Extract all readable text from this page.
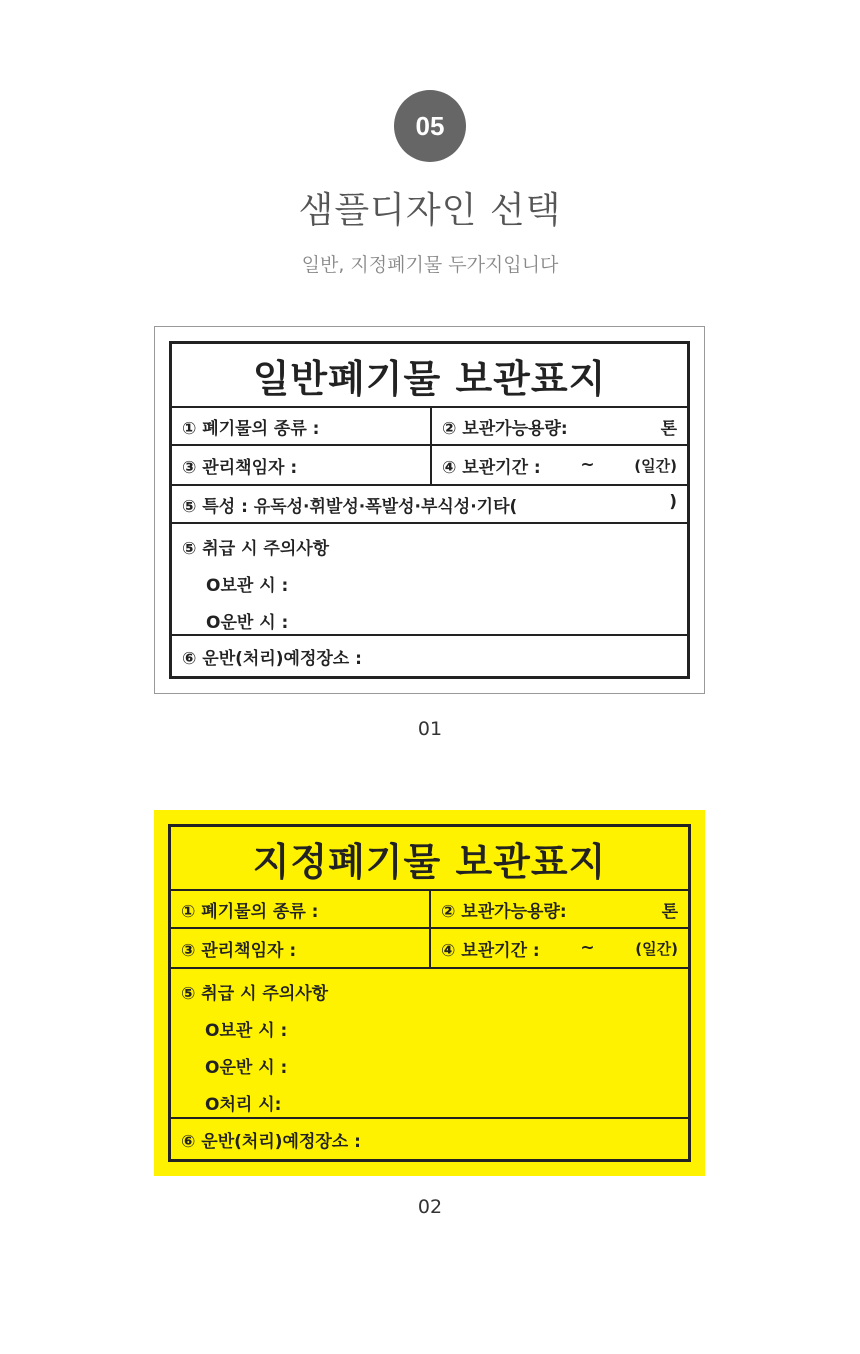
05
샘플디자인 선택
일반, 지정폐기물 두가지입니다
일반폐기물 보관표지
① 폐기물의 종류 :	② 보관가능용량:	톤
③ 관리책임자 :	④ 보관기간 : ~	(일간)
⑤ 특성 : 유독성·휘발성·폭발성·부식성·기타(	)
⑤ 취급 시 주의사항
O보관 시 :
O운반 시 :
⑥ 운반(처리)예정장소 :
01
지정폐기물 보관표지
① 폐기물의 종류 :	② 보관가능용량:	톤
③ 관리책임자 :	④ 보관기간 : ~	(일간)
⑤ 취급 시 주의사항
O보관 시 :
O운반 시 :
O처리 시:
⑥ 운반(처리)예정장소 :
02
